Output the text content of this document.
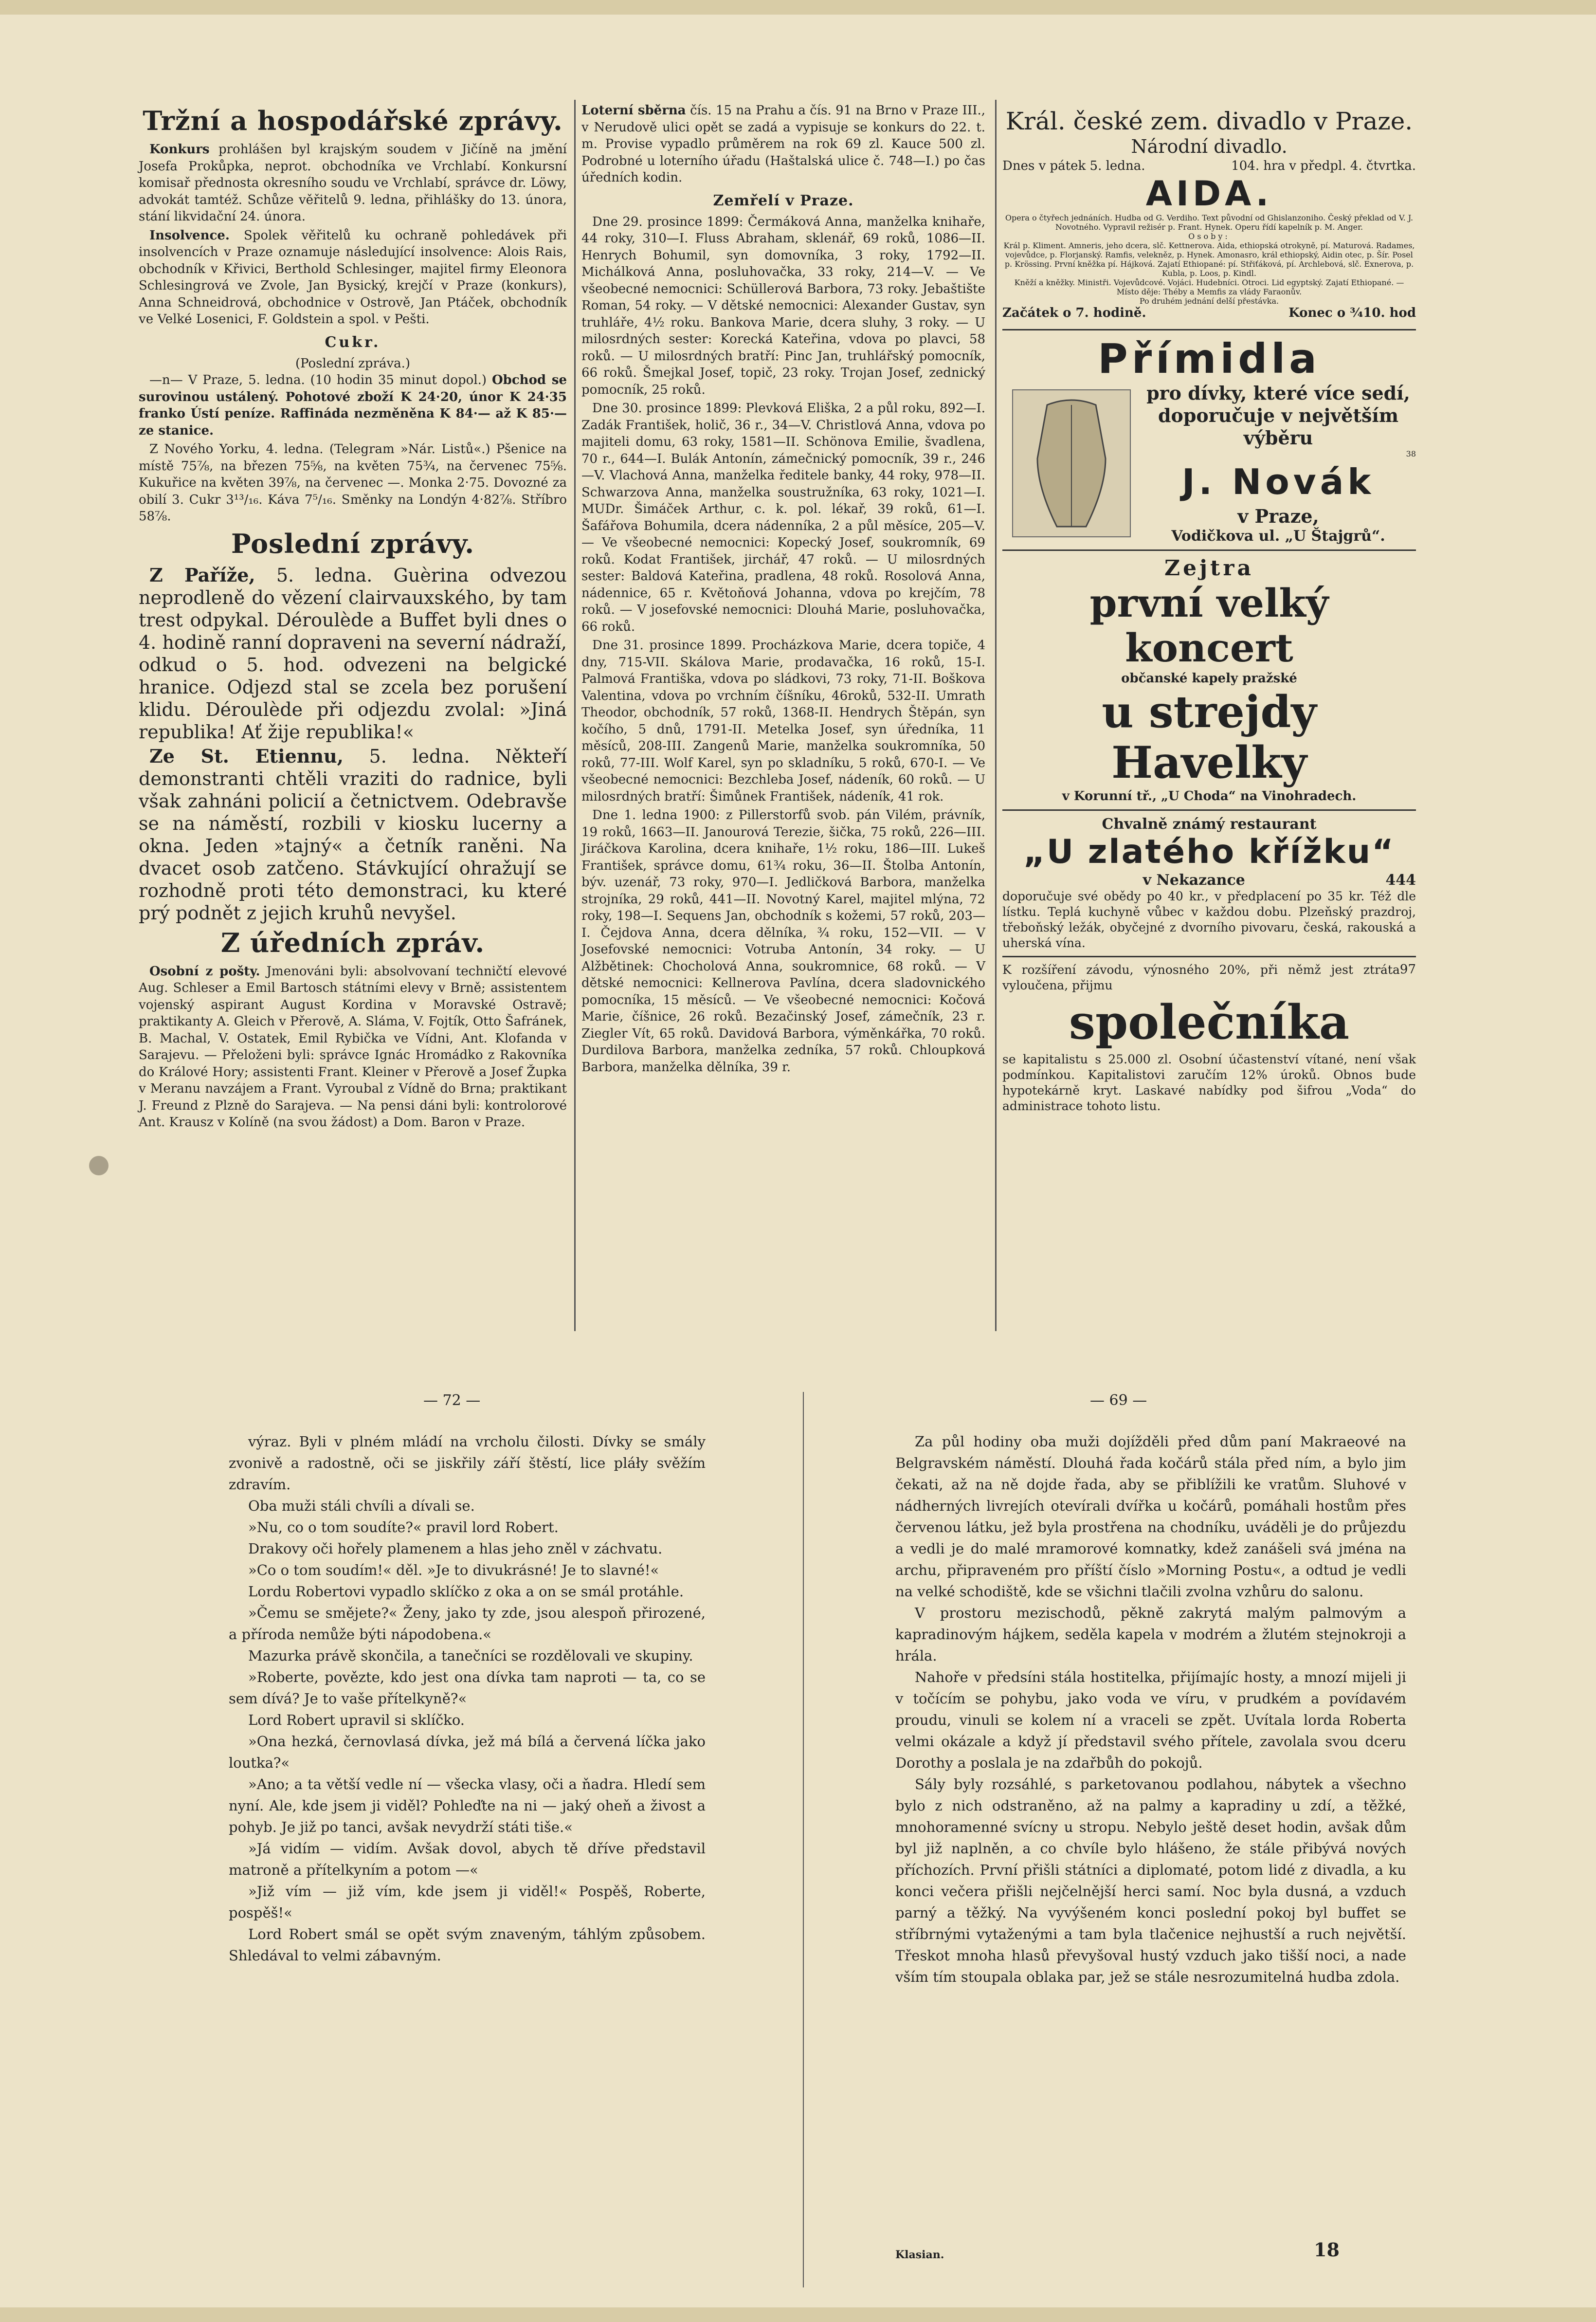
Tržní a hospodářské zprávy.

Konkurs prohlášen byl krajským soudem v Jičíně na jmění Josefa Prokůpka, neprot. obchodníka ve Vrchlabí. Konkursní komisař přednosta okresního soudu ve Vrchlabí, správce dr. Löwy, advokát tamtéž. Schůze věřitelů 9. ledna, přihlášky do 13. února, stání likvidační 24. února.

Insolvence. Spolek věřitelů ku ochraně pohledávek při insolvencích v Praze oznamuje následující insolvence: Alois Rais, obchodník v Křivici, Berthold Schlesinger, majitel firmy Eleonora Schlesingrová ve Zvole, Jan Bysický, krejčí v Praze (konkurs), Anna Schneidrová, obchodnice v Ostrově, Jan Ptáček, obchodník ve Velké Losenici, F. Goldstein a spol. v Pešti.

Cukr.
(Poslední zpráva.)

—n— V Praze, 5. ledna. (10 hodin 35 minut dopol.) Obchod se surovinou ustálený. Pohotové zboží K 24·20, únor K 24·35 franko Ústí peníze. Raffináda nezměněna K 84·— až K 85·— ze stanice.

Z Nového Yorku, 4. ledna. (Telegram »Nár. Listů«.) Pšenice na místě 75⅞, na březen 75⅝, na květen 75¾, na červenec 75⅝. Kukuřice na květen 39⅞, na červenec —. Monka 2·75. Dovozné za obilí 3. Cukr 3¹³/₁₆. Káva 7⁵/₁₆. Směnky na Londýn 4·82⅞. Stříbro 58⅞.

Poslední zprávy.

Z Paříže, 5. ledna. Guèrina odvezou neprodleně do vězení clairvauxského, by tam trest odpykal. Déroulède a Buffet byli dnes o 4. hodině ranní dopraveni na severní nádraží, odkud o 5. hod. odvezeni na belgické hranice. Odjezd stal se zcela bez porušení klidu. Déroulède při odjezdu zvolal: »Jiná republika! Ať žije republika!«

Ze St. Etiennu, 5. ledna. Někteří demonstranti chtěli vraziti do radnice, byli však zahnáni policií a četnictvem. Odebravše se na náměstí, rozbili v kiosku lucerny a okna. Jeden »tajný« a četník raněni. Na dvacet osob zatčeno. Stávkující ohražují se rozhodně proti této demonstraci, ku které prý podnět z jejich kruhů nevyšel.

Z úředních zpráv.

Osobní z pošty. Jmenováni byli: absolvovaní techničtí elevové Aug. Schleser a Emil Bartosch státními elevy v Brně; assistentem vojenský aspirant August Kordina v Moravské Ostravě; praktikanty A. Gleich v Přerově, A. Sláma, V. Fojtík, Otto Šafránek, B. Machal, V. Ostatek, Emil Rybička ve Vídni, Ant. Klofanda v Sarajevu. — Přeloženi byli: správce Ignác Hromádko z Rakovníka do Králové Hory; assistenti Frant. Kleiner v Přerově a Josef Župka v Meranu navzájem a Frant. Vyroubal z Vídně do Brna; praktikant J. Freund z Plzně do Sarajeva. — Na pensi dáni byli: kontrolorové Ant. Krausz v Kolíně (na svou žádost) a Dom. Baron v Praze.

Loterní sběrna čís. 15 na Prahu a čís. 91 na Brno v Praze III., v Nerudově ulici opět se zadá a vypisuje se konkurs do 22. t. m. Provise vypadlo průměrem na rok 69 zl. Kauce 500 zl. Podrobné u loterního úřadu (Haštalská ulice č. 748—I.) po čas úředních kodin.

Zemřelí v Praze.

Dne 29. prosince 1899: Čermáková Anna, manželka knihaře, 44 roky, 310—I. Fluss Abraham, sklenář, 69 roků, 1086—II. Henrych Bohumil, syn domovníka, 3 roky, 1792—II. Michálková Anna, posluhovačka, 33 roky, 214—V. — Ve všeobecné nemocnici: Schüllerová Barbora, 73 roky. Jebaštište Roman, 54 roky. — V dětské nemocnici: Alexander Gustav, syn truhláře, 4½ roku. Bankova Marie, dcera sluhy, 3 roky. — U milosrdných sester: Korecká Kateřina, vdova po plavci, 58 roků. — U milosrdných bratří: Pinc Jan, truhlářský pomocník, 66 roků. Šmejkal Josef, topič, 23 roky. Trojan Josef, zednický pomocník, 25 roků.

Dne 30. prosince 1899: Plevková Eliška, 2 a půl roku, 892—I. Zadák František, holič, 36 r., 34—V. Christlová Anna, vdova po majiteli domu, 63 roky, 1581—II. Schönova Emilie, švadlena, 70 r., 644—I. Bulák Antonín, zámečnický pomocník, 39 r., 246—V. Vlachová Anna, manželka ředitele banky, 44 roky, 978—II. Schwarzova Anna, manželka soustružníka, 63 roky, 1021—I. MUDr. Šimáček Arthur, c. k. pol. lékař, 39 roků, 61—I. Šafářova Bohumila, dcera nádenníka, 2 a půl měsíce, 205—V. — Ve všeobecné nemocnici: Kopecký Josef, soukromník, 69 roků. Kodat František, jirchář, 47 roků. — U milosrdných sester: Baldová Kateřina, pradlena, 48 roků. Rosolová Anna, nádennice, 65 r. Květoňová Johanna, vdova po krejčím, 78 roků. — V josefovské nemocnici: Dlouhá Marie, posluhovačka, 66 roků.

Dne 31. prosince 1899. Procházkova Marie, dcera topiče, 4 dny, 715-VII. Skálova Marie, prodavačka, 16 roků, 15-I. Palmová Františka, vdova po sládkovi, 73 roky, 71-II. Boškova Valentina, vdova po vrchním číšníku, 46roků, 532-II. Umrath Theodor, obchodník, 57 roků, 1368-II. Hendrych Štěpán, syn kočího, 5 dnů, 1791-II. Metelka Josef, syn úředníka, 11 měsíců, 208-III. Zangenů Marie, manželka soukromníka, 50 roků, 77-III. Wolf Karel, syn po skladníku, 5 roků, 670-I. — Ve všeobecné nemocnici: Bezchleba Josef, nádeník, 60 roků. — U milosrdných bratří: Šimůnek František, nádeník, 41 rok.

Dne 1. ledna 1900: z Pillerstorfů svob. pán Vilém, právník, 19 roků, 1663—II. Janourová Terezie, šička, 75 roků, 226—III. Jiráčkova Karolina, dcera knihaře, 1½ roku, 186—III. Lukeš František, správce domu, 61¾ roku, 36—II. Štolba Antonín, býv. uzenář, 73 roky, 970—I. Jedličková Barbora, manželka strojníka, 29 roků, 441—II. Novotný Karel, majitel mlýna, 72 roky, 198—I. Sequens Jan, obchodník s kožemi, 57 roků, 203—I. Čejdova Anna, dcera dělníka, ¾ roku, 152—VII. — V Josefovské nemocnici: Votruba Antonín, 34 roky. — U Alžbětinek: Chocholová Anna, soukromnice, 68 roků. — V dětské nemocnici: Kellnerova Pavlína, dcera sladovnického pomocníka, 15 měsíců. — Ve všeobecné nemocnici: Kočová Marie, číšnice, 26 roků. Bezačinský Josef, zámečník, 23 r. Ziegler Vít, 65 roků. Davidová Barbora, výměnkářka, 70 roků. Durdilova Barbora, manželka zedníka, 57 roků. Chloupková Barbora, manželka dělníka, 39 r.

Král. české zem. divadlo v Praze.
Národní divadlo.
Dnes v pátek 5. ledna.	104. hra v předpl. 4. čtvrtka.
AIDA.
Opera o čtyřech jednáních. Hudba od G. Verdiho. Text původní od Ghislanzoniho. Český překlad od V. J. Novotného. Vypravil režisér p. Frant. Hynek. Operu řídí kapelník p. M. Anger.
Osoby:
Král p. Kliment. Amneris, jeho dcera, slč. Kettnerova. Aida, ethiopská otrokyně, pí. Maturová. Radames, vojevůdce, p. Florjanský. Ramfis, velekněz, p. Hynek. Amonasro, král ethiopský, Aidin otec, p. Šír. Posel p. Krössing. První kněžka pí. Hájková. Zajatí Ethiopané: pí. Střiťáková, pí. Archlebová, slč. Exnerova, p. Kubla, p. Loos, p. Kindl.
Kněží a kněžky. Ministři. Vojevůdcové. Vojáci. Hudebníci. Otroci. Lid egyptský. Zajatí Ethiopané. — Místo děje: Théby a Memfis za vlády Faraonův.
Po druhém jednání delší přestávka.
Začátek o 7. hodině.	Konec o ¾10. hod
Přímidla
pro dívky, které více sedí, doporučuje v největším výběru
38
J. Novák
v Praze,
Vodičkova ul. „U Štajgrů“.
Zejtra
první velký koncert
občanské kapely pražské
u strejdy Havelky
v Korunní tř., „U Choda“ na Vinohradech.
Chvalně známý restaurant
„U zlatého křížku“
v Nekazance	444
doporučuje své obědy po 40 kr., v předplacení po 35 kr. Též dle lístku. Teplá kuchyně vůbec v každou dobu. Plzeňský prazdroj, třeboňský ležák, obyčejné z dvorního pivovaru, česká, rakouská a uherská vína.
K rozšíření závodu, výnosného 20%, při němž jest ztráta vyloučena, přijmu
97
společníka
se kapitalistu s 25.000 zl. Osobní účastenství vítané, není však podmínkou. Kapitalistovi zaručím 12% úroků. Obnos bude hypotekárně kryt. Laskavé nabídky pod šifrou „Voda“ do administrace tohoto listu.
— 72 —	— 69 —

výraz. Byli v plném mládí na vrcholu čilosti. Dívky se smály zvonivě a radostně, oči se jiskřily září štěstí, lice pláły svěžím zdravím.

Oba muži stáli chvíli a dívali se.

»Nu, co o tom soudíte?« pravil lord Robert.

Drakovy oči hořely plamenem a hlas jeho zněl v záchvatu.

»Co o tom soudím!« děl. »Je to divukrásné! Je to slavné!«

Lordu Robertovi vypadlo sklíčko z oka a on se smál protáhle.

»Čemu se smějete?« Ženy, jako ty zde, jsou alespoň přirozené, a příroda nemůže býti nápodobena.«

Mazurka právě skončila, a tanečníci se rozdělovali ve skupiny.

»Roberte, povězte, kdo jest ona dívka tam naproti — ta, co se sem dívá? Je to vaše přítelkyně?«

Lord Robert upravil si sklíčko.

»Ona hezká, černovlasá dívka, jež má bílá a červená líčka jako loutka?«

»Ano; a ta větší vedle ní — všecka vlasy, oči a ňadra. Hledí sem nyní. Ale, kde jsem ji viděl? Pohleďte na ni — jaký oheň a živost a pohyb. Je již po tanci, avšak nevydrží státi tiše.«

»Já vidím — vidím. Avšak dovol, abych tě dříve představil matroně a přítelkyním a potom —«

»Již vím — již vím, kde jsem ji viděl!« Pospěš, Roberte, pospěš!«

Lord Robert smál se opět svým znaveným, táhlým způsobem. Shledával to velmi zábavným.

Za půl hodiny oba muži dojížděli před dům paní Makraeové na Belgravském náměstí. Dlouhá řada kočárů stála před ním, a bylo jim čekati, až na ně dojde řada, aby se přiblížili ke vratům. Sluhové v nádherných livrejích otevírali dvířka u kočárů, pomáhali hostům přes červenou látku, jež byla prostřena na chodníku, uváděli je do průjezdu a vedli je do malé mramorové komnatky, kdež zanášeli svá jména na archu, připraveném pro příští číslo »Morning Postu«, a odtud je vedli na velké schodiště, kde se všichni tlačili zvolna vzhůru do salonu.

V prostoru mezischodů, pěkně zakrytá malým palmovým a kapradinovým hájkem, seděla kapela v modrém a žlutém stejnokroji a hrála.

Nahoře v předsíni stála hostitelka, přijímajíc hosty, a mnozí mijeli ji v točícím se pohybu, jako voda ve víru, v prudkém a povídavém proudu, vinuli se kolem ní a vraceli se zpět. Uvítala lorda Roberta velmi okázale a když jí představil svého přítele, zavolala svou dceru Dorothy a poslala je na zdařbůh do pokojů.

Sály byly rozsáhlé, s parketovanou podlahou, nábytek a všechno bylo z nich odstraněno, až na palmy a kapradiny u zdí, a těžké, mnohoramenné svícny u stropu. Nebylo ještě deset hodin, avšak dům byl již naplněn, a co chvíle bylo hlášeno, že stále přibývá nových příchozích. První přišli státníci a diplomaté, potom lidé z divadla, a ku konci večera přišli nejčelnější herci samí. Noc byla dusná, a vzduch parný a těžký. Na vyvýšeném konci poslední pokoj byl buffet se stříbrnými vytaženými a tam byla tlačenice nejhustší a ruch největší. Třeskot mnoha hlasů převyšoval hustý vzduch jako tišší noci, a nade vším tím stoupala oblaka par, jež se stále nesrozumitelná hudba zdola.

Klasian.	18
